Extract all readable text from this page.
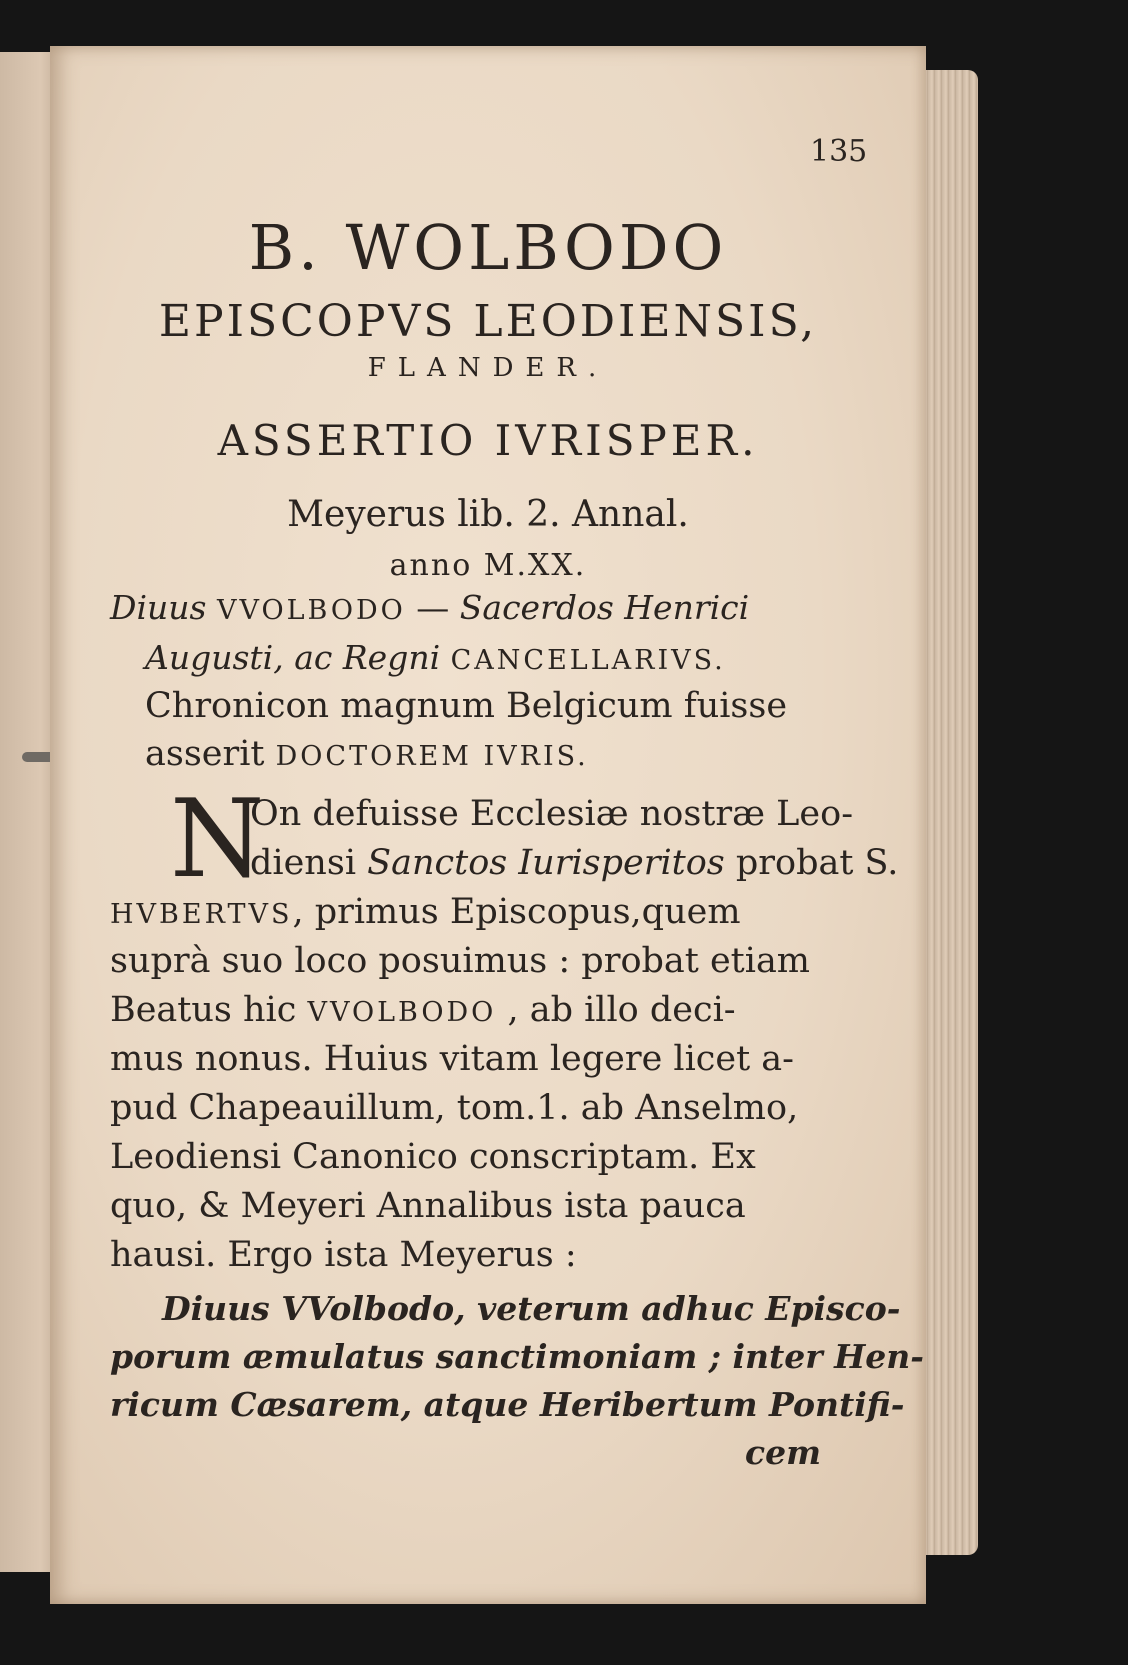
135
B. WOLBODO
EPISCOPVS LEODIENSIS,
FLANDER.
ASSERTIO IVRISPER.
Meyerus lib. 2. Annal.
anno M.XX.
Diuus VVOLBODO — Sacerdos Henrici
Augusti, ac Regni CANCELLARIVS.
Chronicon magnum Belgicum fuisse
asserit DOCTOREM IVRIS.
N
On defuisse Ecclesiæ nostræ Leo-
diensi Sanctos Iurisperitos probat S.
HVBERTVS, primus Episcopus,quem
suprà suo loco posuimus : probat etiam
Beatus hic VVOLBODO , ab illo deci-
mus nonus. Huius vitam legere licet a-
pud Chapeauillum, tom.1. ab Anselmo,
Leodiensi Canonico conscriptam. Ex
quo, & Meyeri Annalibus ista pauca
hausi. Ergo ista Meyerus :
Diuus VVolbodo, veterum adhuc Episco-
porum æmulatus sanctimoniam ; inter Hen-
ricum Cæsarem, atque Heribertum Pontifi-
cem
